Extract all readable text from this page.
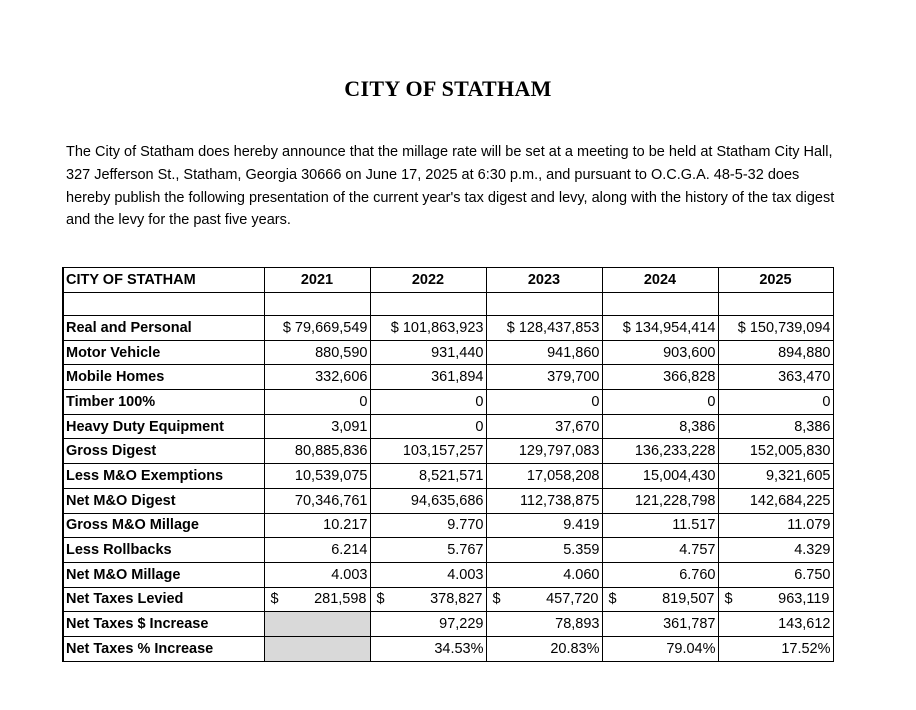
CITY OF STATHAM

The City of Statham does hereby announce that the millage rate will be set at a meeting to be held at Statham City Hall, 327 Jefferson St., Statham, Georgia 30666 on June 17, 2025 at 6:30 p.m., and pursuant to O.C.G.A. 48-5-32 does hereby publish the following presentation of the current year's tax digest and levy, along with the history of the tax digest and the levy for the past five years.

CITY OF STATHAM	2021	2022	2023	2024	2025

Real and Personal	$ 79,669,549	$ 101,863,923	$ 128,437,853	$ 134,954,414	$ 150,739,094
Motor Vehicle	880,590	931,440	941,860	903,600	894,880
Mobile Homes	332,606	361,894	379,700	366,828	363,470
Timber 100%	0	0	0	0	0
Heavy Duty Equipment	3,091	0	37,670	8,386	8,386
Gross Digest	80,885,836	103,157,257	129,797,083	136,233,228	152,005,830
Less M&O Exemptions	10,539,075	8,521,571	17,058,208	15,004,430	9,321,605
Net M&O Digest	70,346,761	94,635,686	112,738,875	121,228,798	142,684,225
Gross M&O Millage	10.217	9.770	9.419	11.517	11.079
Less Rollbacks	6.214	5.767	5.359	4.757	4.329
Net M&O Millage	4.003	4.003	4.060	6.760	6.750
Net Taxes Levied	$ 281,598	$ 378,827	$ 457,720	$ 819,507	$ 963,119

Net Taxes $ Increase		97,229	78,893	361,787	143,612
Net Taxes % Increase		34.53%	20.83%	79.04%	17.52%
